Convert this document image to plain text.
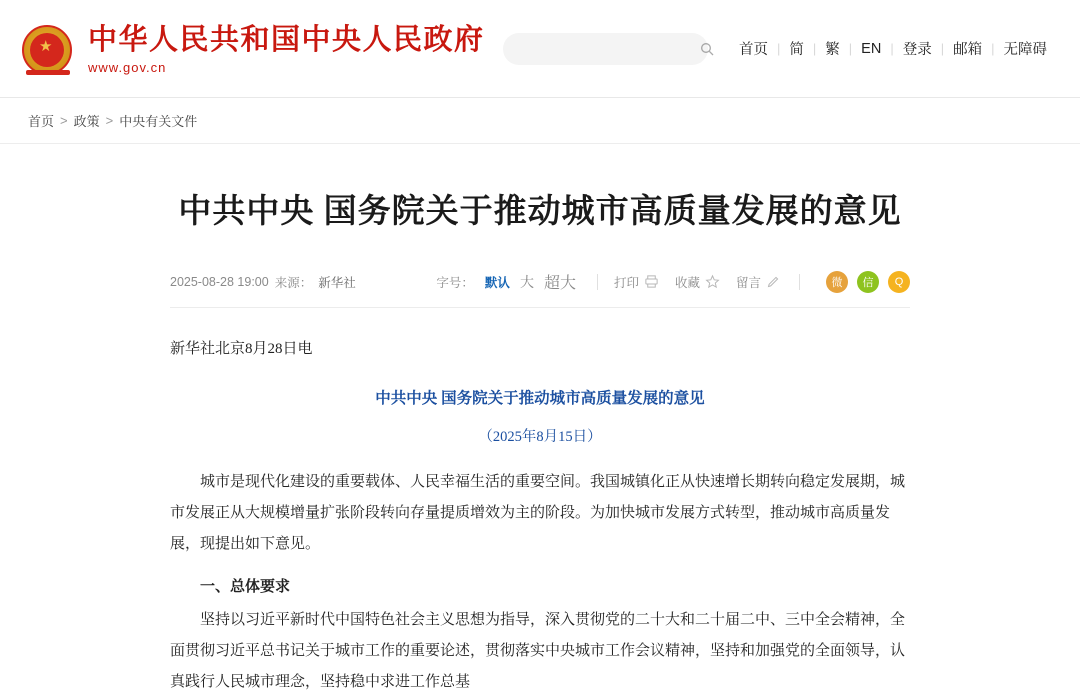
★ 中华人民共和国中央人民政府
www.gov.cn
首页 | 简 | 繁 | EN | 登录 | 邮箱 | 无障碍
首页 > 政策 > 中央有关文件
中共中央 国务院关于推动城市高质量发展的意见
2025-08-28 19:00 来源： 新华社	字号： 默认 大 超大	打印	收藏	留言	微	信	Q
新华社北京8月28日电
中共中央 国务院关于推动城市高质量发展的意见
（2025年8月15日）

城市是现代化建设的重要载体、人民幸福生活的重要空间。我国城镇化正从快速增长期转向稳定发展期，城市发展正从大规模增量扩张阶段转向存量提质增效为主的阶段。为加快城市发展方式转型，推动城市高质量发展，现提出如下意见。

一、总体要求

坚持以习近平新时代中国特色社会主义思想为指导，深入贯彻党的二十大和二十届二中、三中全会精神，全面贯彻习近平总书记关于城市工作的重要论述，贯彻落实中央城市工作会议精神，坚持和加强党的全面领导，认真践行人民城市理念，坚持稳中求进工作总基
